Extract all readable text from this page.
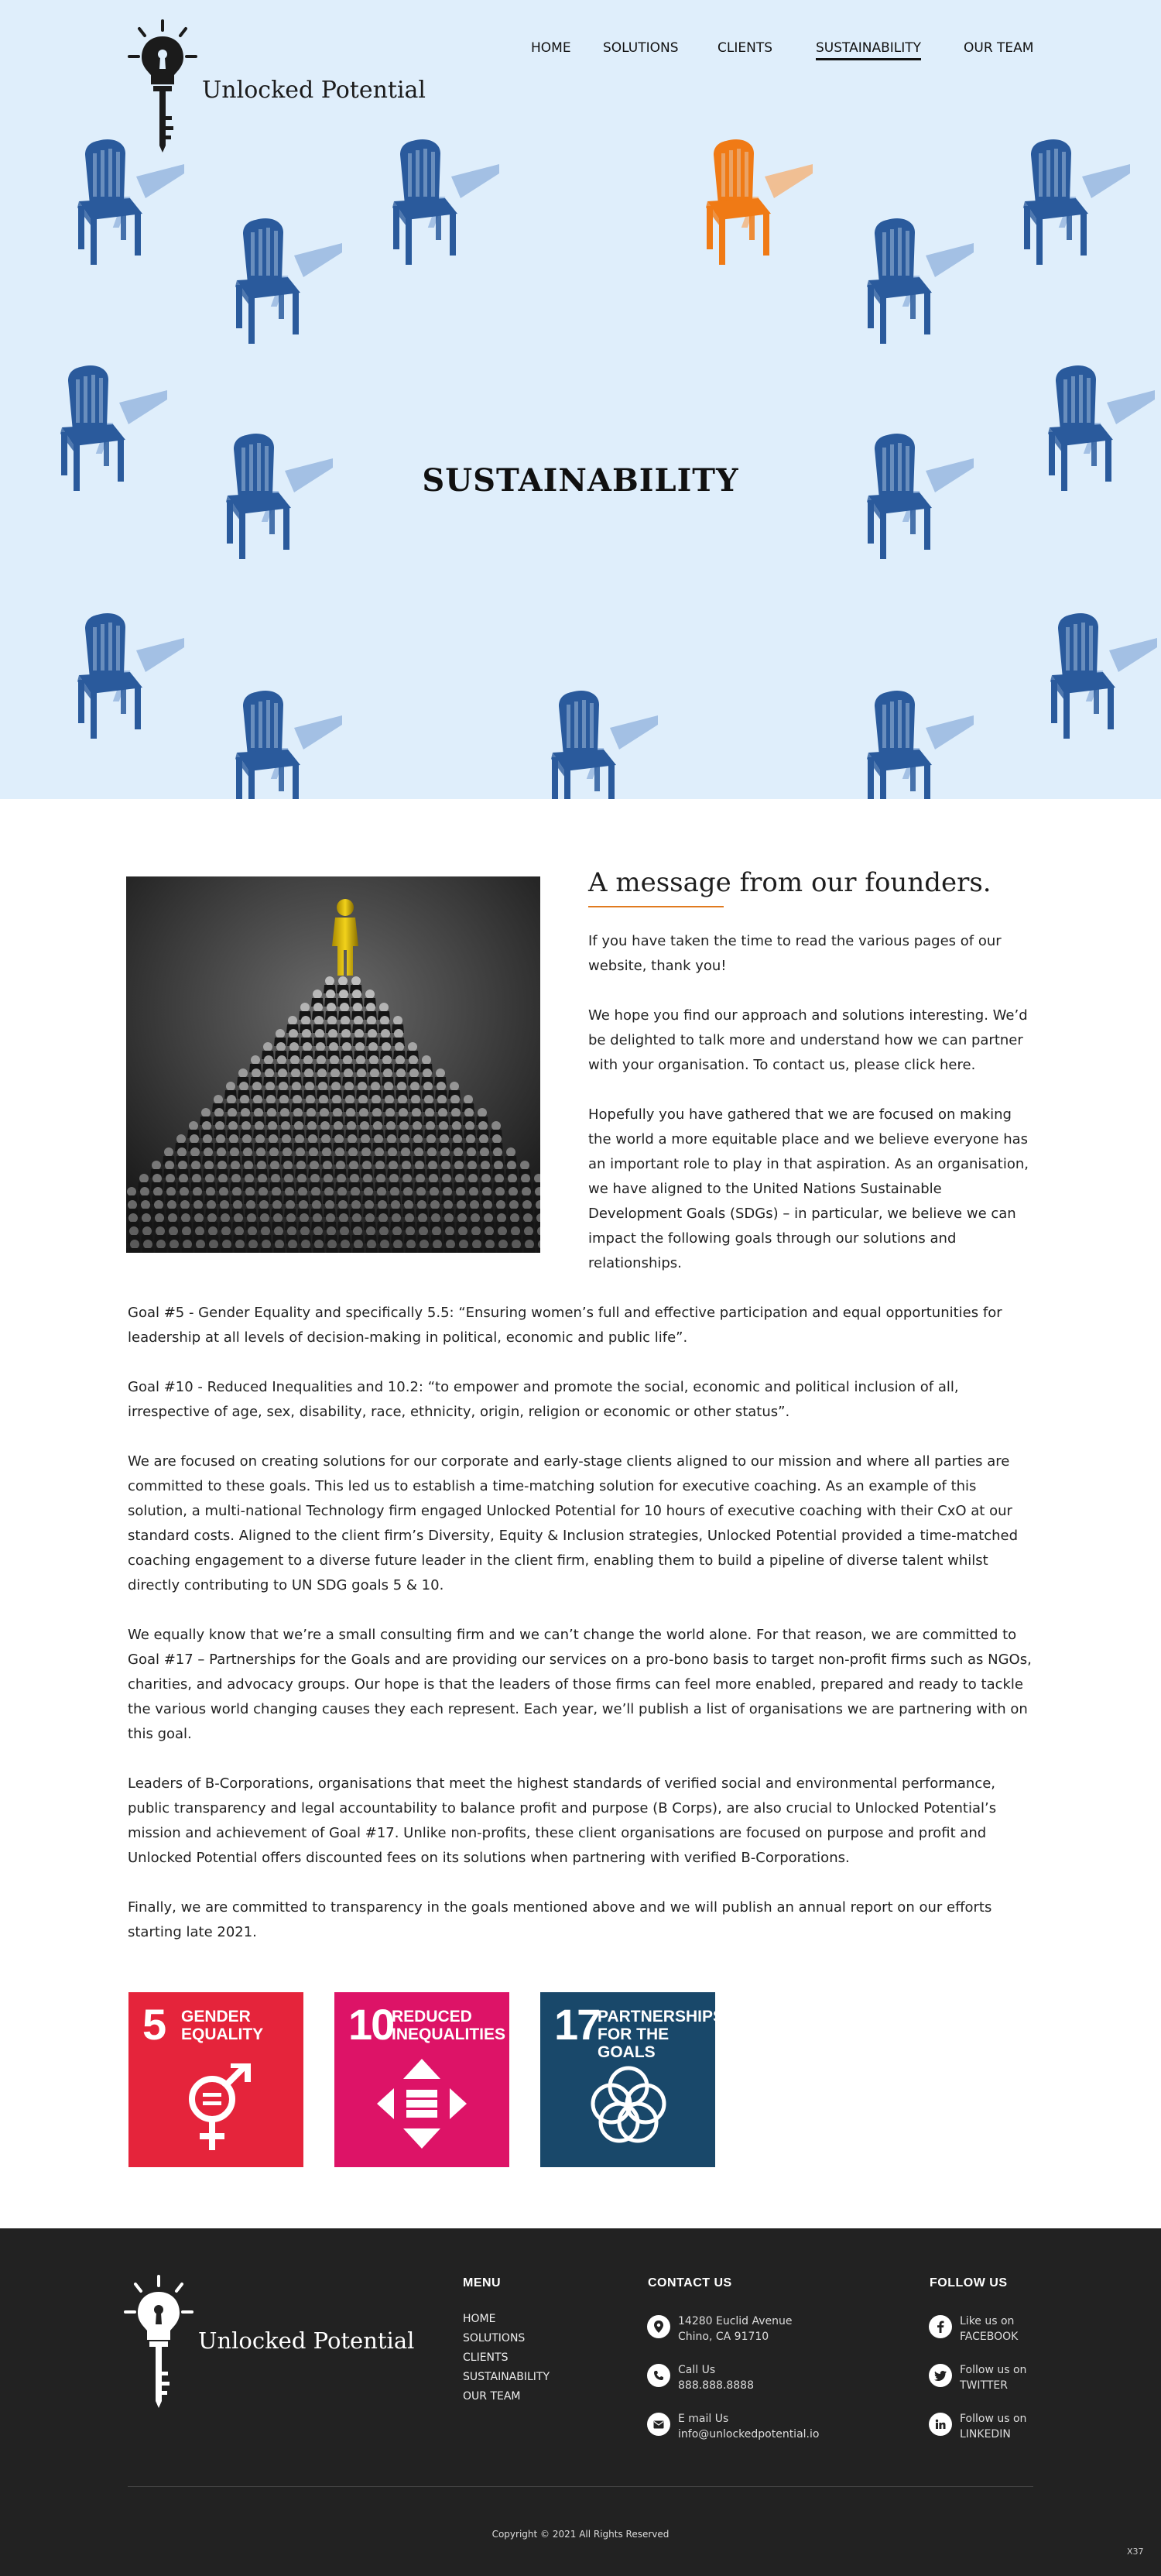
Unlocked Potential
HOME SOLUTIONS	CLIENTS	SUSTAINABILITY	OUR TEAM
SUSTAINABILITY
A message from our founders.

If you have taken the time to read the various pages of our website, thank you!

We hope you find our approach and solutions interesting. We’d be delighted to talk more and understand how we can partner with your organisation. To contact us, please click here.

Hopefully you have gathered that we are focused on making the world a more equitable place and we believe everyone has an important role to play in that aspiration. As an organisation, we have aligned to the United Nations Sustainable Development Goals (SDGs) – in particular, we believe we can impact the following goals through our solutions and relationships.

Goal #5 - Gender Equality and specifically 5.5: “Ensuring women’s full and effective participation and equal opportunities for leadership at all levels of decision-making in political, economic and public life”.

Goal #10 - Reduced Inequalities and 10.2: “to empower and promote the social, economic and political inclusion of all, irrespective of age, sex, disability, race, ethnicity, origin, religion or economic or other status”.

We are focused on creating solutions for our corporate and early-stage clients aligned to our mission and where all parties are committed to these goals. This led us to establish a time-matching solution for executive coaching. As an example of this solution, a multi-national Technology firm engaged Unlocked Potential for 10 hours of executive coaching with their CxO at our standard costs. Aligned to the client firm’s Diversity, Equity & Inclusion strategies, Unlocked Potential provided a time-matched coaching engagement to a diverse future leader in the client firm, enabling them to build a pipeline of diverse talent whilst directly contributing to UN SDG goals 5 & 10.

We equally know that we’re a small consulting firm and we can’t change the world alone. For that reason, we are committed to Goal #17 – Partnerships for the Goals and are providing our services on a pro-bono basis to target non-profit firms such as NGOs, charities, and advocacy groups. Our hope is that the leaders of those firms can feel more enabled, prepared and ready to tackle the various world changing causes they each represent. Each year, we’ll publish a list of organisations we are partnering with on this goal.

Leaders of B-Corporations, organisations that meet the highest standards of verified social and environmental performance, public transparency and legal accountability to balance profit and purpose (B Corps), are also crucial to Unlocked Potential’s mission and achievement of Goal #17. Unlike non-profits, these client organisations are focused on purpose and profit and Unlocked Potential offers discounted fees on its solutions when partnering with verified B-Corporations.

Finally, we are committed to transparency in the goals mentioned above and we will publish an annual report on our efforts starting late 2021.

5 GENDER
EQUALITY 10
REDUCED
INEQUALITIES 17
PARTNERSHIPS
FOR THE GOALS
Unlocked Potential
MENU
HOME
SOLUTIONS
CLIENTS
SUSTAINABILITY
OUR TEAM
CONTACT US
14280 Euclid Avenue
Chino, CA 91710
Call Us
888.888.8888
E mail Us
info@unlockedpotential.io
FOLLOW US
Like us on
FACEBOOK
Follow us on
TWITTER
Follow us on
LINKEDIN
Copyright © 2021 All Rights Reserved
X37
